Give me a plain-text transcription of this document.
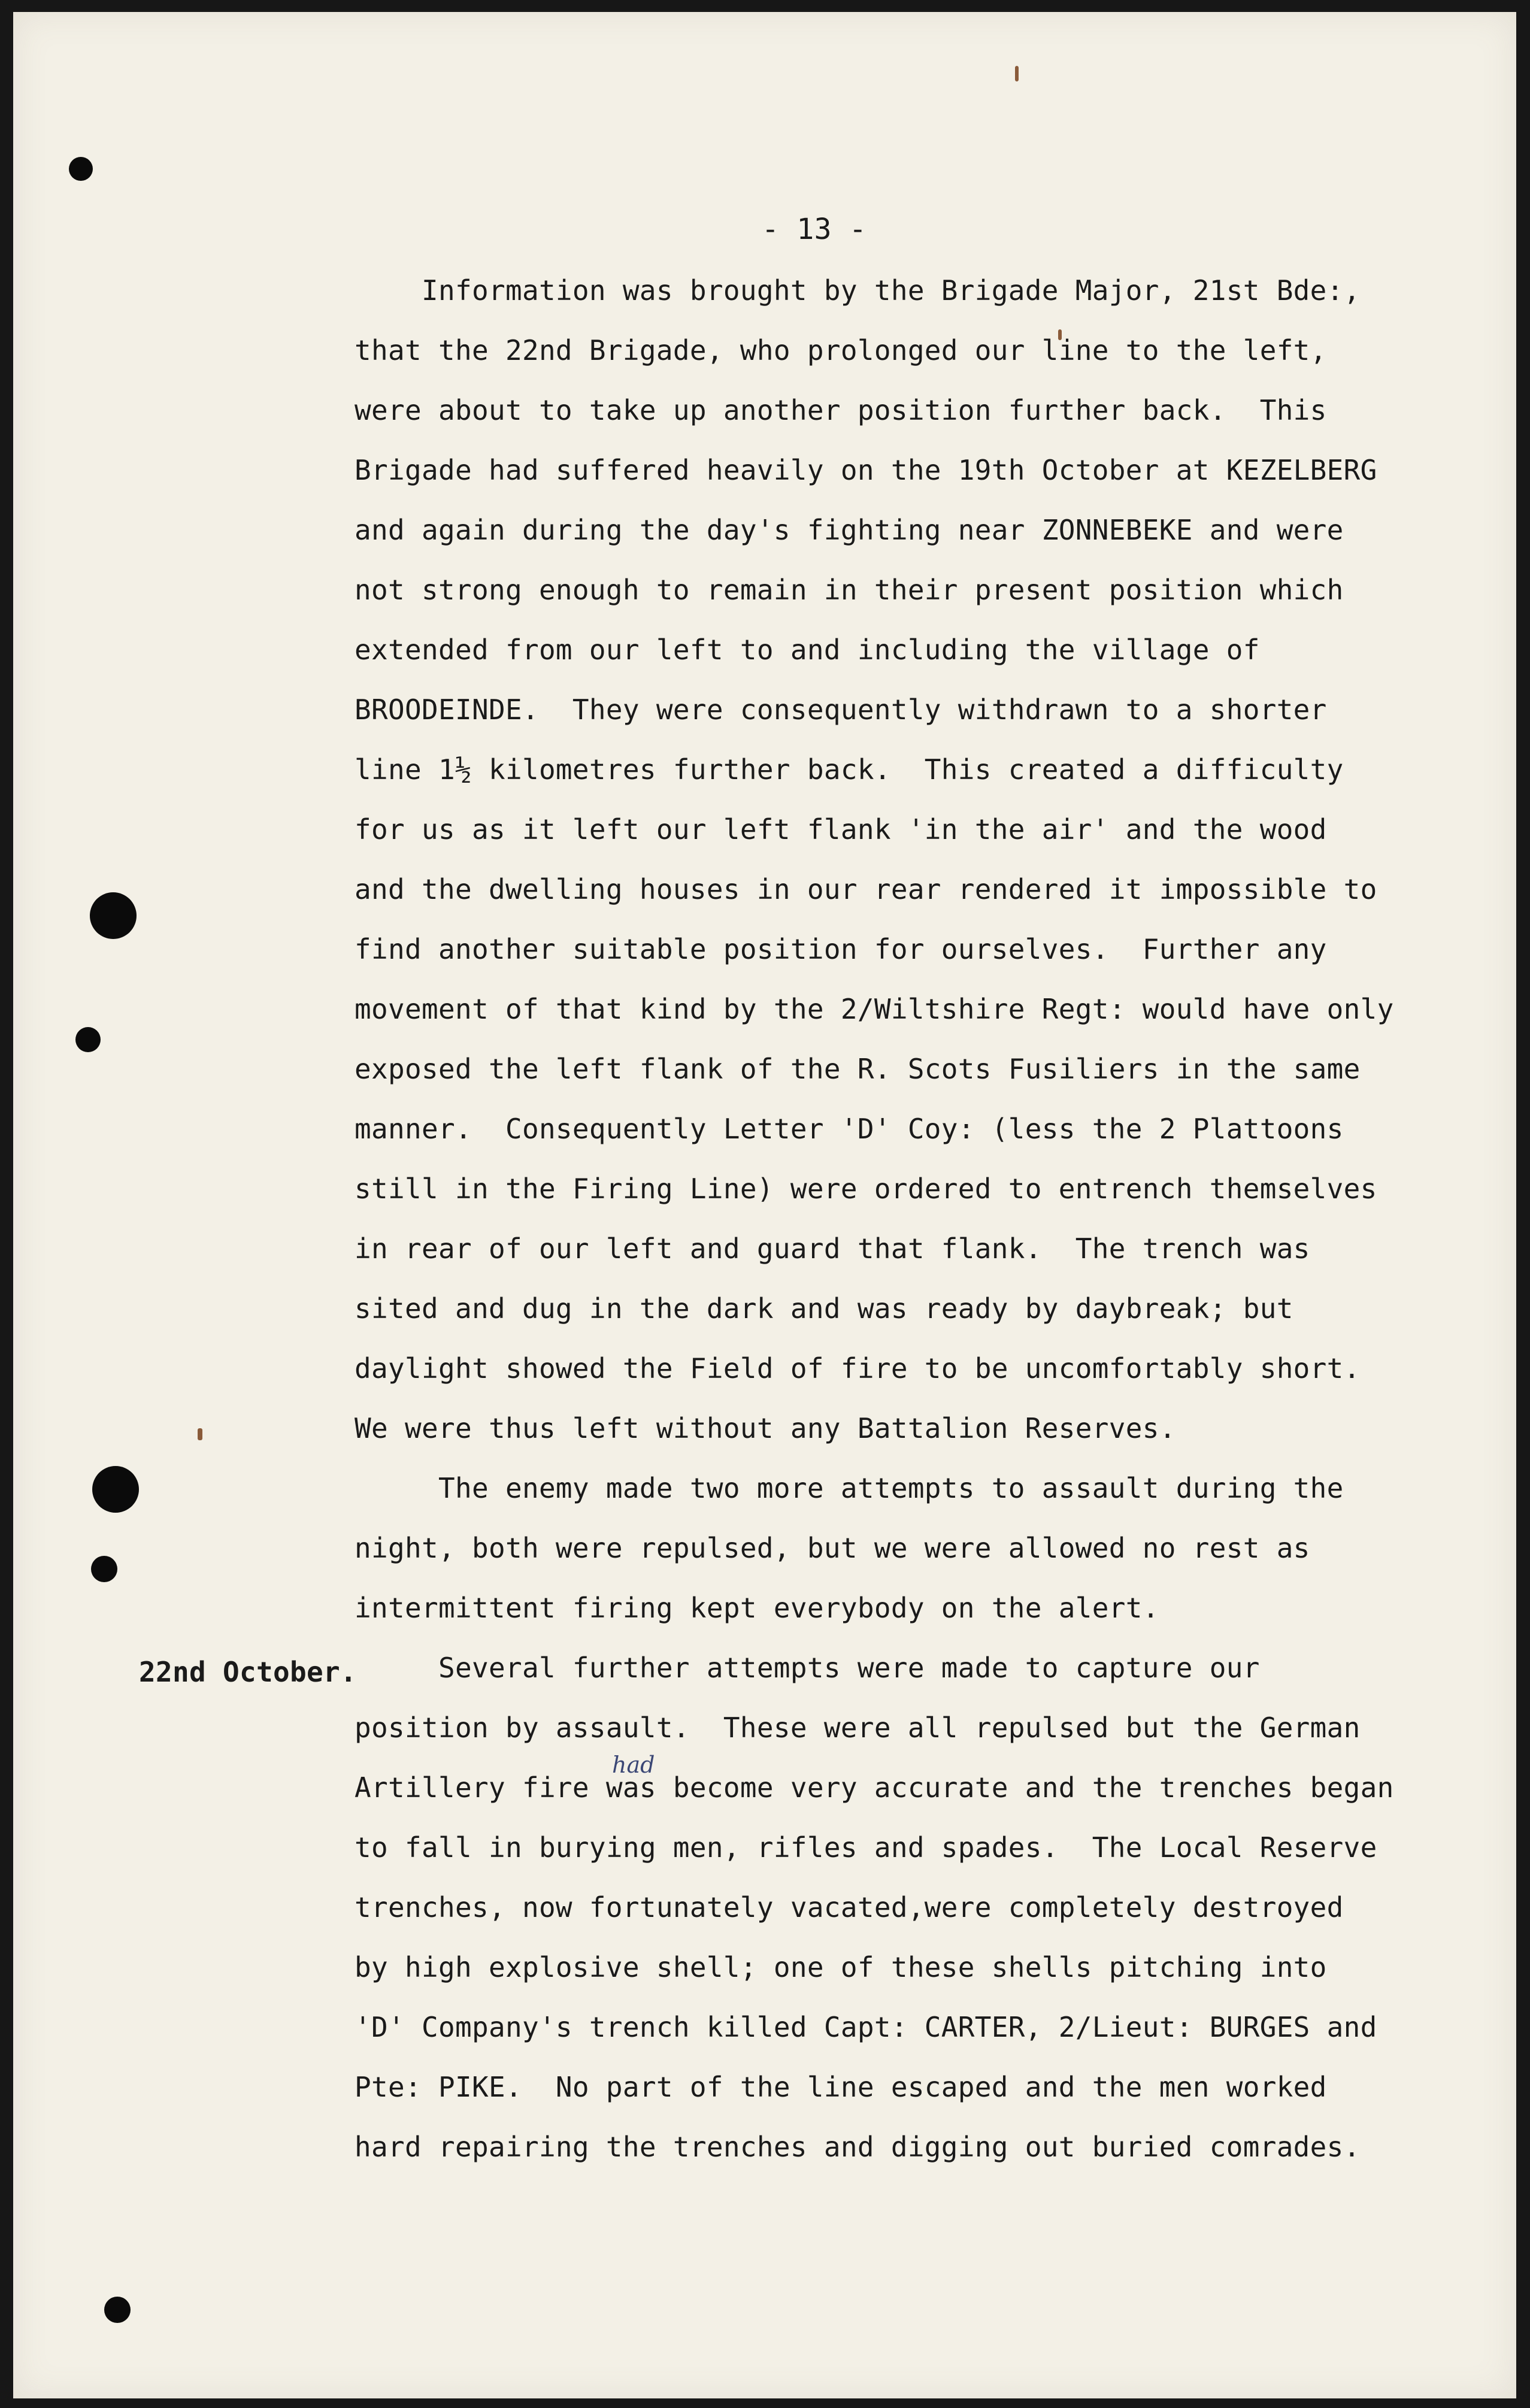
- 13 -
22nd October.
had
Information was brought by the Brigade Major, 21st Bde:,
that the 22nd Brigade, who prolonged our line to the left,
were about to take up another position further back.  This
Brigade had suffered heavily on the 19th October at KEZELBERG
and again during the day's fighting near ZONNEBEKE and were
not strong enough to remain in their present position which
extended from our left to and including the village of
BROODEINDE.  They were consequently withdrawn to a shorter
line 1½ kilometres further back.  This created a difficulty
for us as it left our left flank 'in the air' and the wood
and the dwelling houses in our rear rendered it impossible to
find another suitable position for ourselves.  Further any
movement of that kind by the 2/Wiltshire Regt: would have only
exposed the left flank of the R. Scots Fusiliers in the same
manner.  Consequently Letter 'D' Coy: (less the 2 Plattoons
still in the Firing Line) were ordered to entrench themselves
in rear of our left and guard that flank.  The trench was
sited and dug in the dark and was ready by daybreak; but
daylight showed the Field of fire to be uncomfortably short.
We were thus left without any Battalion Reserves.
The enemy made two more attempts to assault during the
night, both were repulsed, but we were allowed no rest as
intermittent firing kept everybody on the alert.
Several further attempts were made to capture our
position by assault.  These were all repulsed but the German
Artillery fire was become very accurate and the trenches began
to fall in burying men, rifles and spades.  The Local Reserve
trenches, now fortunately vacated,were completely destroyed
by high explosive shell; one of these shells pitching into
'D' Company's trench killed Capt: CARTER, 2/Lieut: BURGES and
Pte: PIKE.  No part of the line escaped and the men worked
hard repairing the trenches and digging out buried comrades.
